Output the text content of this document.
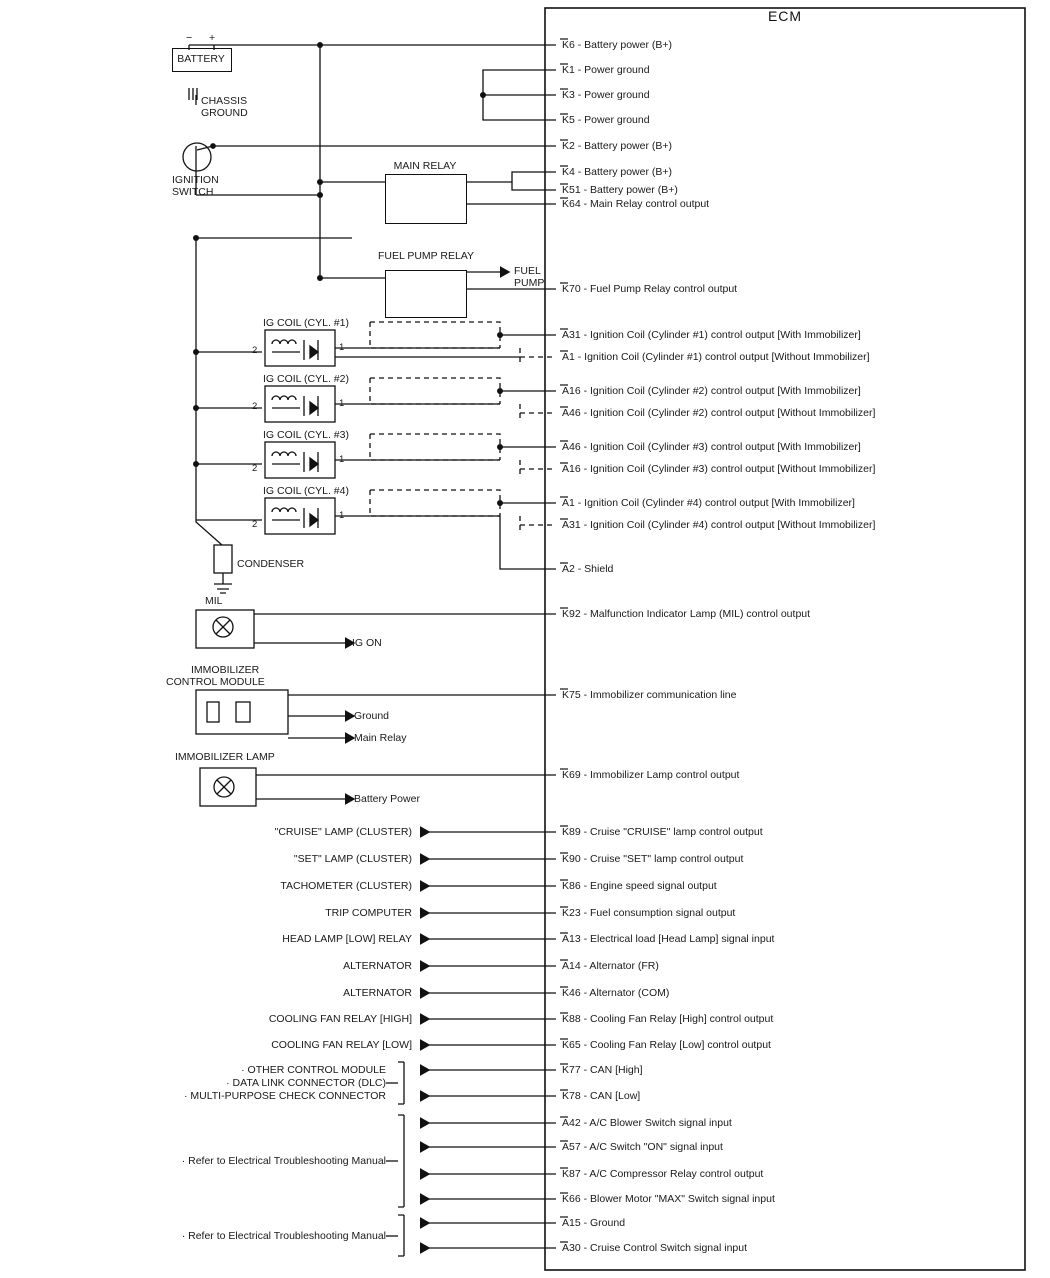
BATTERY
− +
CHASSIS
GROUND
IGNITION
SWITCH
MAIN RELAY
FUEL PUMP RELAY
FUEL
PUMP
IG COIL (CYL. #1)
1
2
IG COIL (CYL. #2)
1
2
IG COIL (CYL. #3)
1
2
IG COIL (CYL. #4)
1
2
CONDENSER
MIL
IG ON
IMMOBILIZER
CONTROL MODULE
Ground
Main Relay
IMMOBILIZER LAMP
Battery Power
"CRUISE" LAMP (CLUSTER)
"SET" LAMP (CLUSTER)
TACHOMETER (CLUSTER)
TRIP COMPUTER
HEAD LAMP [LOW] RELAY
ALTERNATOR
ALTERNATOR
COOLING FAN RELAY [HIGH]
COOLING FAN RELAY [LOW]
· OTHER CONTROL MODULE
· DATA LINK CONNECTOR (DLC)
· MULTI-PURPOSE CHECK CONNECTOR
· Refer to Electrical Troubleshooting Manual
· Refer to Electrical Troubleshooting Manual
ECM
K6 - Battery power (B+)
K1 - Power ground
K3 - Power ground
K5 - Power ground
K2 - Battery power (B+)
K4 - Battery power (B+)
K51 - Battery power (B+)
K64 - Main Relay control output
K70 - Fuel Pump Relay control output
A31 - Ignition Coil (Cylinder #1) control output [With Immobilizer]
A1 - Ignition Coil (Cylinder #1) control output [Without Immobilizer]
A16 - Ignition Coil (Cylinder #2) control output [With Immobilizer]
A46 - Ignition Coil (Cylinder #2) control output [Without Immobilizer]
A46 - Ignition Coil (Cylinder #3) control output [With Immobilizer]
A16 - Ignition Coil (Cylinder #3) control output [Without Immobilizer]
A1 - Ignition Coil (Cylinder #4) control output [With Immobilizer]
A31 - Ignition Coil (Cylinder #4) control output [Without Immobilizer]
A2 - Shield
K92 - Malfunction Indicator Lamp (MIL) control output
K75 - Immobilizer communication line
K69 - Immobilizer Lamp control output
K89 - Cruise "CRUISE" lamp control output
K90 - Cruise "SET" lamp control output
K86 - Engine speed signal output
K23 - Fuel consumption signal output
A13 - Electrical load [Head Lamp] signal input
A14 - Alternator (FR)
K46 - Alternator (COM)
K88 - Cooling Fan Relay [High] control output
K65 - Cooling Fan Relay [Low] control output
K77 - CAN [High]
K78 - CAN [Low]
A42 - A/C Blower Switch signal input
A57 - A/C Switch "ON" signal input
K87 - A/C Compressor Relay control output
K66 - Blower Motor "MAX" Switch signal input
A15 - Ground
A30 - Cruise Control Switch signal input
